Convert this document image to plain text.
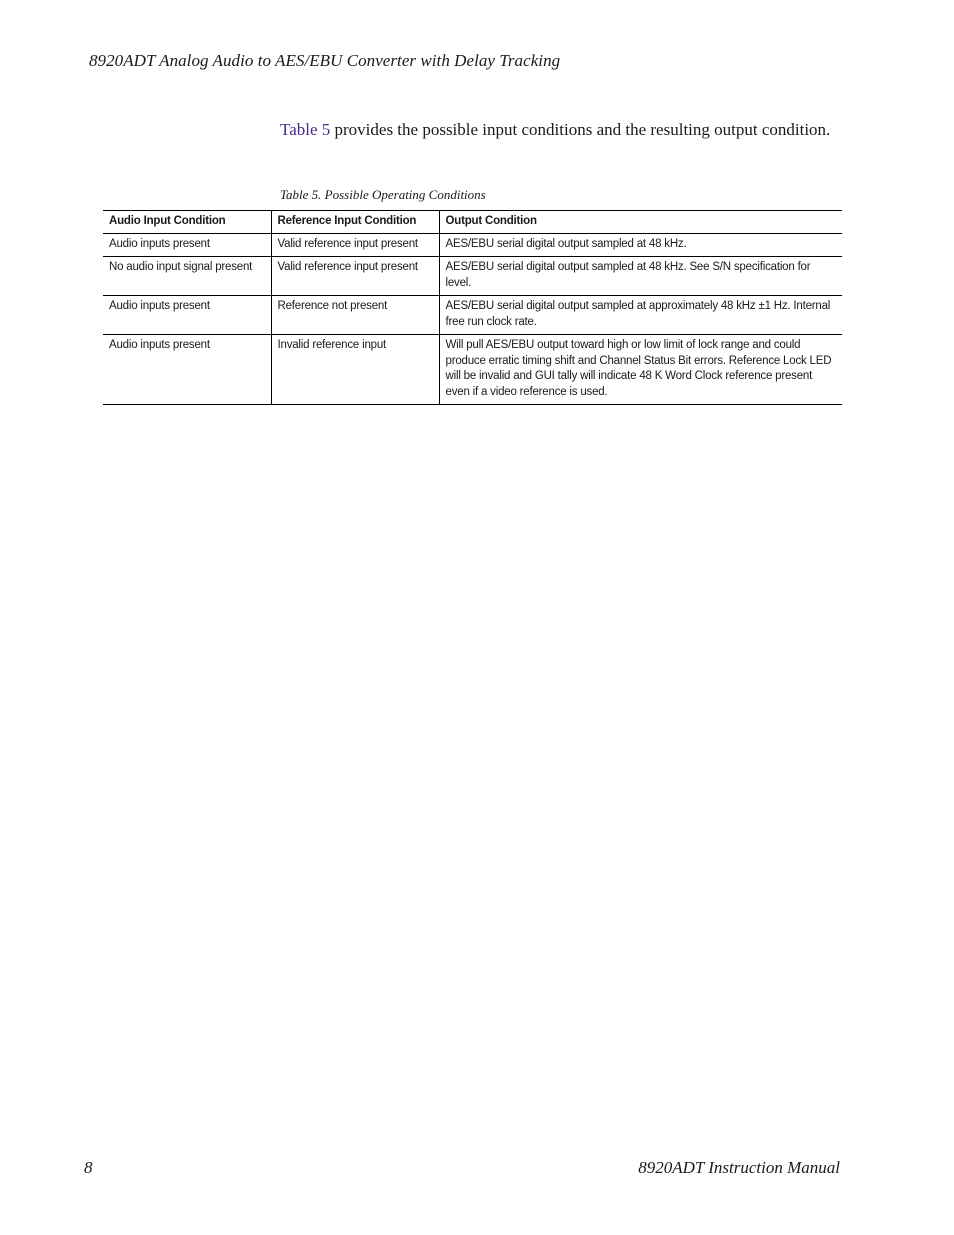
8920ADT Analog Audio to AES/EBU Converter with Delay Tracking

Table 5 provides the possible input conditions and the resulting output condition.

Table 5. Possible Operating Conditions
Audio Input Condition	Reference Input Condition	Output Condition
Audio inputs present	Valid reference input present	AES/EBU serial digital output sampled at 48 kHz.
No audio input signal present	Valid reference input present	AES/EBU serial digital output sampled at 48 kHz. See S/N specification for level.
Audio inputs present	Reference not present	AES/EBU serial digital output sampled at approximately 48 kHz ±1 Hz. Internal free run clock rate.
Audio inputs present	Invalid reference input	Will pull AES/EBU output toward high or low limit of lock range and could produce erratic timing shift and Channel Status Bit errors. Reference Lock LED will be invalid and GUI tally will indicate 48 K Word Clock reference present even if a video reference is used.
8	8920ADT Instruction Manual
